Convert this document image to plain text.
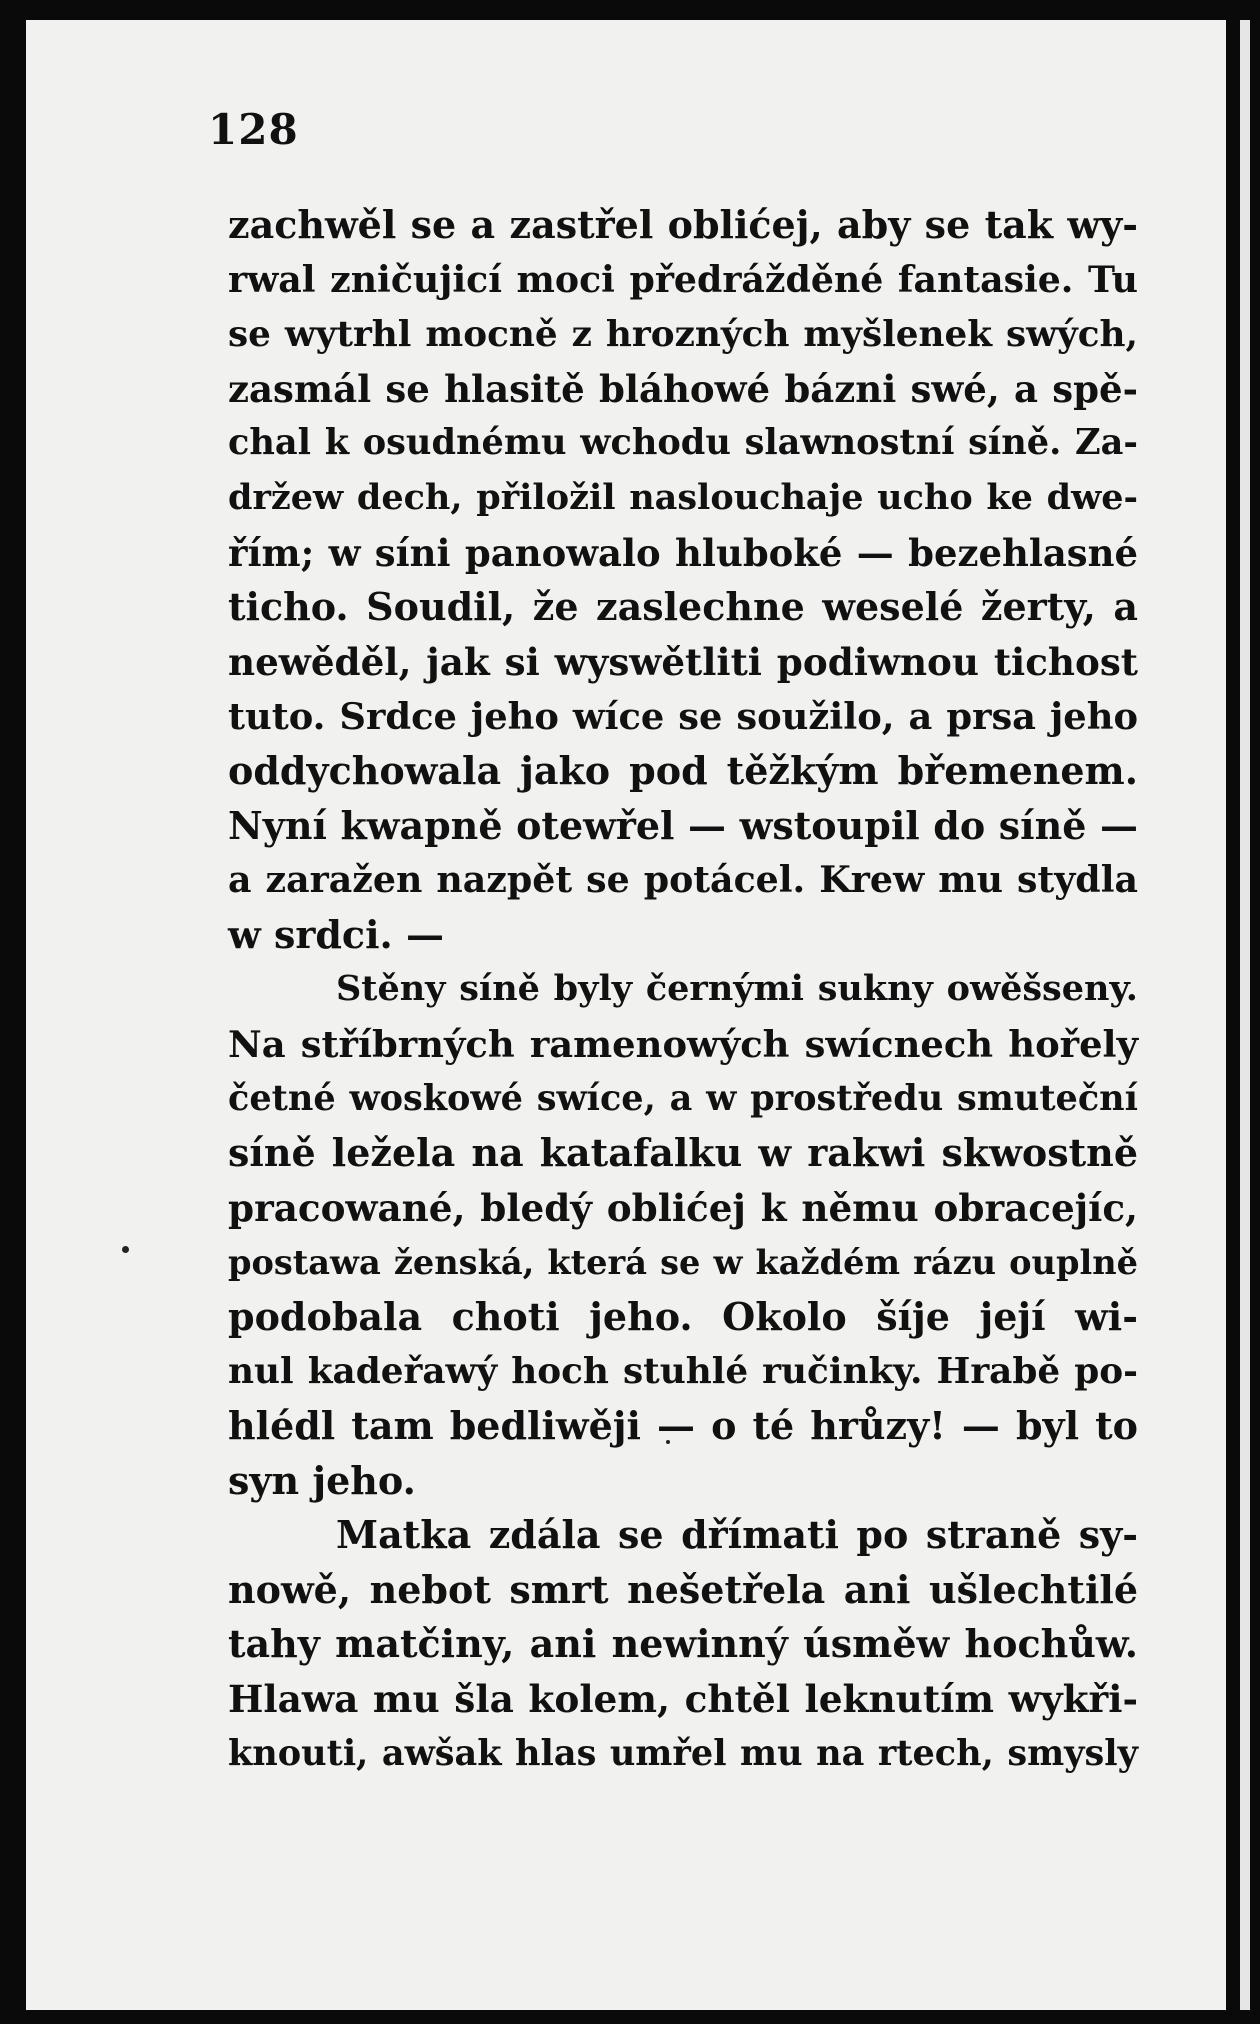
128
zachwěl se a zastřel oblićej, aby se tak wy-
rwal zničujicí moci předrážděné fantasie. Tu
se wytrhl mocně z hrozných myšlenek swých,
zasmál se hlasitě bláhowé bázni swé, a spě-
chal k osudnému wchodu slawnostní síně. Za-
držew dech, přiložil naslouchaje ucho ke dwe-
řím; w síni panowalo hluboké — bezehlasné
ticho. Soudil, že zaslechne weselé žerty, a
newěděl, jak si wyswětliti podiwnou tichost
tuto. Srdce jeho wíce se soužilo, a prsa jeho
oddychowala jako pod těžkým břemenem.
Nyní kwapně otewřel — wstoupil do síně —
a zaražen nazpět se potácel. Krew mu stydla
w srdci. —
Stěny síně byly černými sukny owěšseny.
Na stříbrných ramenowých swícnech hořely
četné woskowé swíce, a w prostředu smuteční
síně ležela na katafalku w rakwi skwostně
pracowané, bledý oblićej k němu obracejíc,
postawa ženská, která se w každém rázu ouplně
podobala choti jeho. Okolo šíje její wi-
nul kadeřawý hoch stuhlé ručinky. Hrabě po-
hlédl tam bedliwěji — o té hrůzy! — byl to
syn jeho.
Matka zdála se dřímati po straně sy-
nowě, nebot smrt nešetřela ani ušlechtilé
tahy matčiny, ani newinný úsměw hochůw.
Hlawa mu šla kolem, chtěl leknutím wykři-
knouti, awšak hlas umřel mu na rtech, smysly
